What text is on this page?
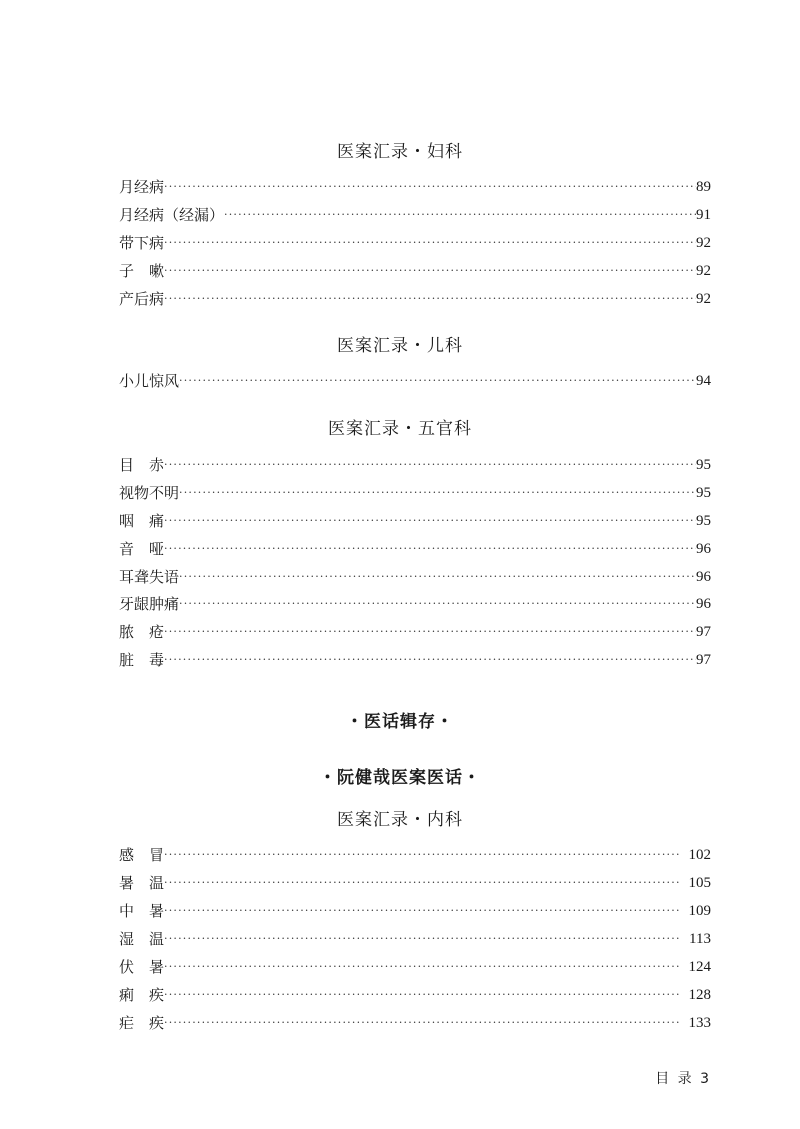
医案汇录・妇科
月经病 ·····	89
月经病（经漏） ·····	91
带下病 ·····	92
子　嗽 ·····	92
产后病 ·····	92
医案汇录・儿科
小儿惊风 ·····	94
医案汇录・五官科
目　赤 ·····	95
视物不明 ·····	95
咽　痛 ·····	95
音　哑 ·····	96
耳聋失语 ·····	96
牙龈肿痛 ·····	96
脓　疮 ·····	97
脏　毒 ·····	97
・医话辑存・
・阮健哉医案医话・
医案汇录・内科
感　冒 ·····	102
暑　温 ·····	105
中　暑 ·····	109
湿　温 ·····	113
伏　暑 ·····	124
痢　疾 ·····	128
疟　疾 ·····	133
目 录 3
